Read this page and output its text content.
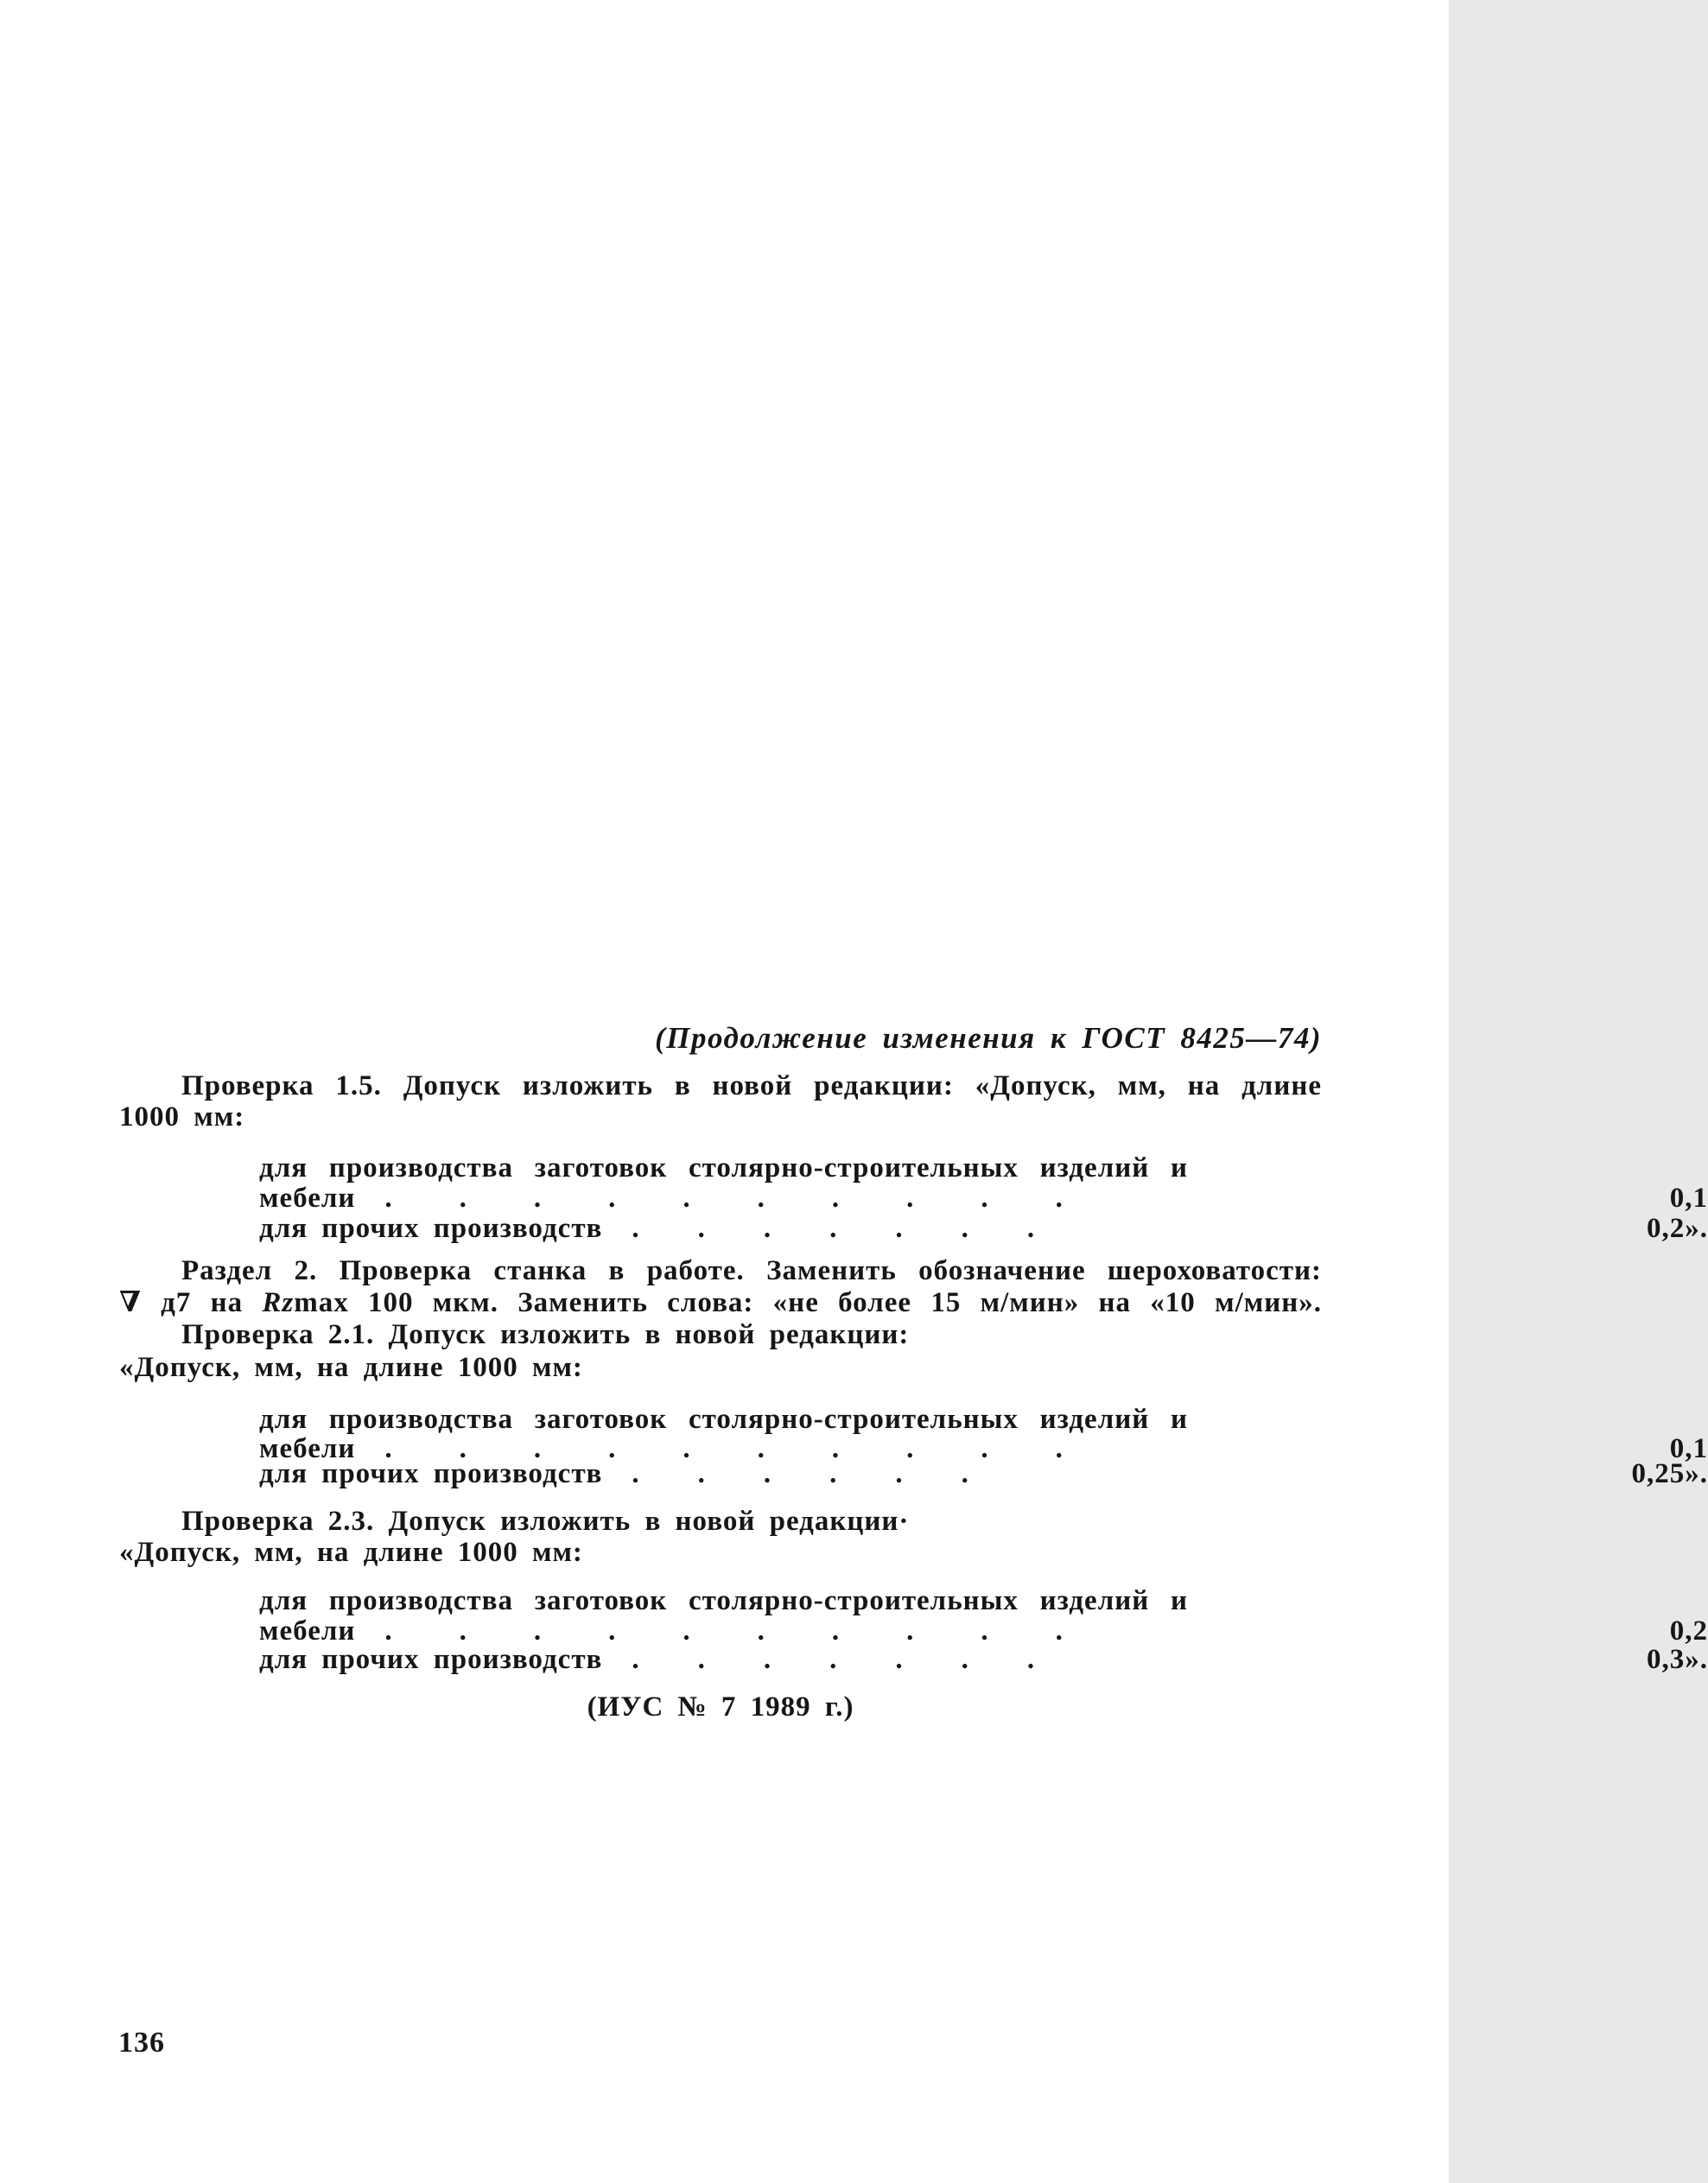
(Продолжение изменения к ГОСТ 8425—74)
Проверка 1.5. Допуск изложить в новой редакции: «Допуск, мм, на длине
1000 мм:
для производства заготовок столярно-строительных изделий и
мебели	..........	0,1
для прочих производств	.......	0,2».
Раздел 2. Проверка станка в работе. Заменить обозначение шероховатости:
∇ д7 на Rzmax 100 мкм. Заменить слова: «не более 15 м/мин» на «10 м/мин».
Проверка 2.1. Допуск изложить в новой редакции:
«Допуск, мм, на длине 1000 мм:
для производства заготовок столярно-строительных изделий и
мебели	..........	0,1
для прочих производств	......	0,25».
Проверка 2.3. Допуск изложить в новой редакции·
«Допуск, мм, на длине 1000 мм:
для производства заготовок столярно-строительных изделий и
мебели	..........	0,2
для прочих производств	.......	0,3».
(ИУС № 7 1989 г.)
136
